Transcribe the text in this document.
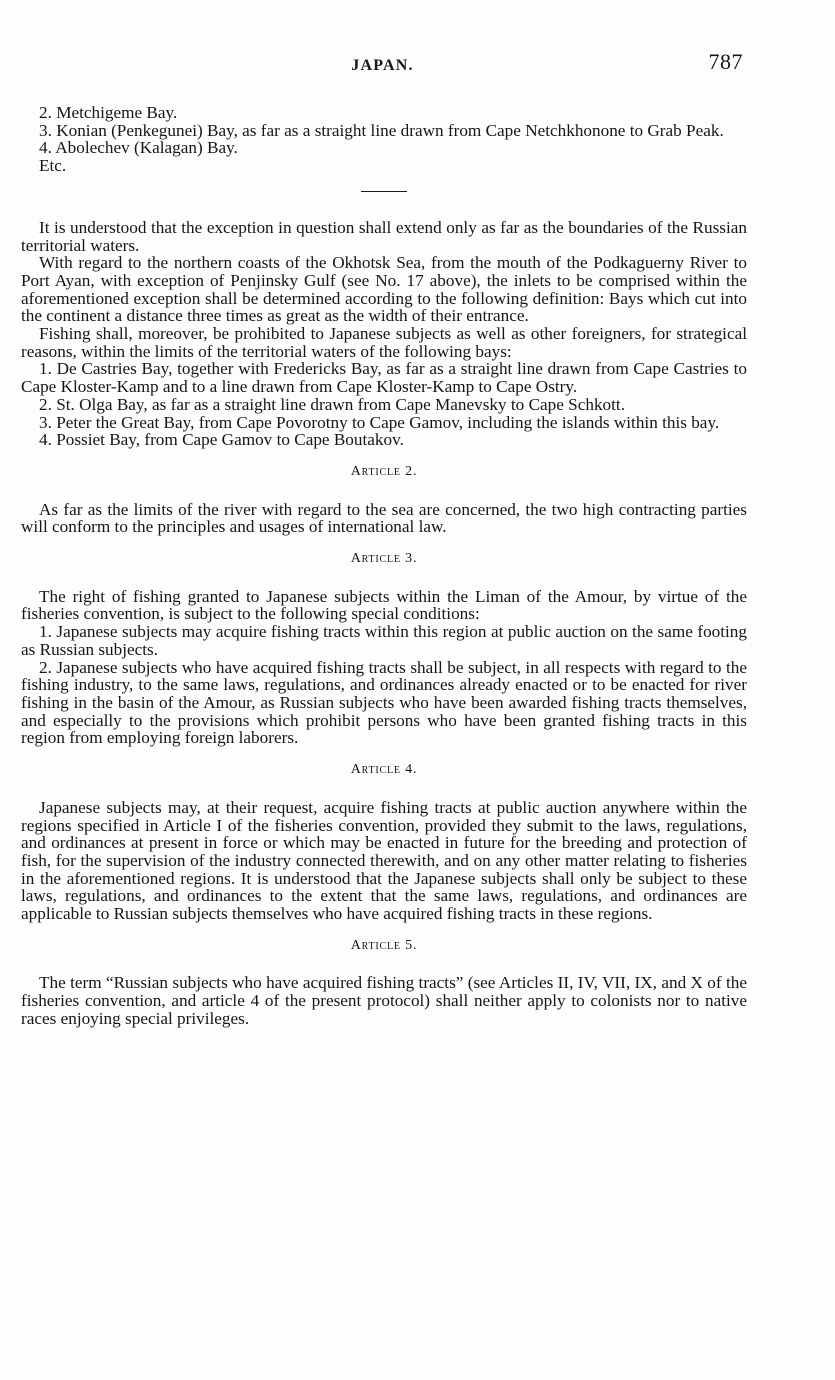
JAPAN.	787

2. Metchigeme Bay.

3. Konian (Penkegunei) Bay, as far as a straight line drawn from Cape Netchkhonone to Grab Peak.

4. Abolechev (Kalagan) Bay.

Etc.

It is understood that the exception in question shall extend only as far as the boundaries of the Russian territorial waters.

With regard to the northern coasts of the Okhotsk Sea, from the mouth of the Podkaguerny River to Port Ayan, with exception of Penjinsky Gulf (see No. 17 above), the inlets to be comprised within the aforementioned exception shall be determined according to the following definition: Bays which cut into the continent a distance three times as great as the width of their entrance.

Fishing shall, moreover, be prohibited to Japanese subjects as well as other foreigners, for strategical reasons, within the limits of the territorial waters of the following bays:

1. De Castries Bay, together with Fredericks Bay, as far as a straight line drawn from Cape Castries to Cape Kloster-Kamp and to a line drawn from Cape Kloster-Kamp to Cape Ostry.

2. St. Olga Bay, as far as a straight line drawn from Cape Manevsky to Cape Schkott.

3. Peter the Great Bay, from Cape Povorotny to Cape Gamov, including the islands within this bay.

4. Possiet Bay, from Cape Gamov to Cape Boutakov.

Article 2.

As far as the limits of the river with regard to the sea are concerned, the two high contracting parties will conform to the principles and usages of international law.

Article 3.

The right of fishing granted to Japanese subjects within the Liman of the Amour, by virtue of the fisheries convention, is subject to the following special conditions:

1. Japanese subjects may acquire fishing tracts within this region at public auction on the same footing as Russian subjects.

2. Japanese subjects who have acquired fishing tracts shall be subject, in all respects with regard to the fishing industry, to the same laws, regulations, and ordinances already enacted or to be enacted for river fishing in the basin of the Amour, as Russian subjects who have been awarded fishing tracts themselves, and especially to the provisions which prohibit persons who have been granted fishing tracts in this region from employing foreign laborers.

Article 4.

Japanese subjects may, at their request, acquire fishing tracts at public auction anywhere within the regions specified in Article I of the fisheries convention, provided they submit to the laws, regulations, and ordinances at present in force or which may be enacted in future for the breeding and protection of fish, for the supervision of the industry connected therewith, and on any other matter relating to fisheries in the aforementioned regions. It is understood that the Japanese subjects shall only be subject to these laws, regulations, and ordinances to the extent that the same laws, regulations, and ordinances are applicable to Russian subjects themselves who have acquired fishing tracts in these regions.

Article 5.

The term “Russian subjects who have acquired fishing tracts” (see Articles II, IV, VII, IX, and X of the fisheries convention, and article 4 of the present protocol) shall neither apply to colonists nor to native races enjoying special privileges.
